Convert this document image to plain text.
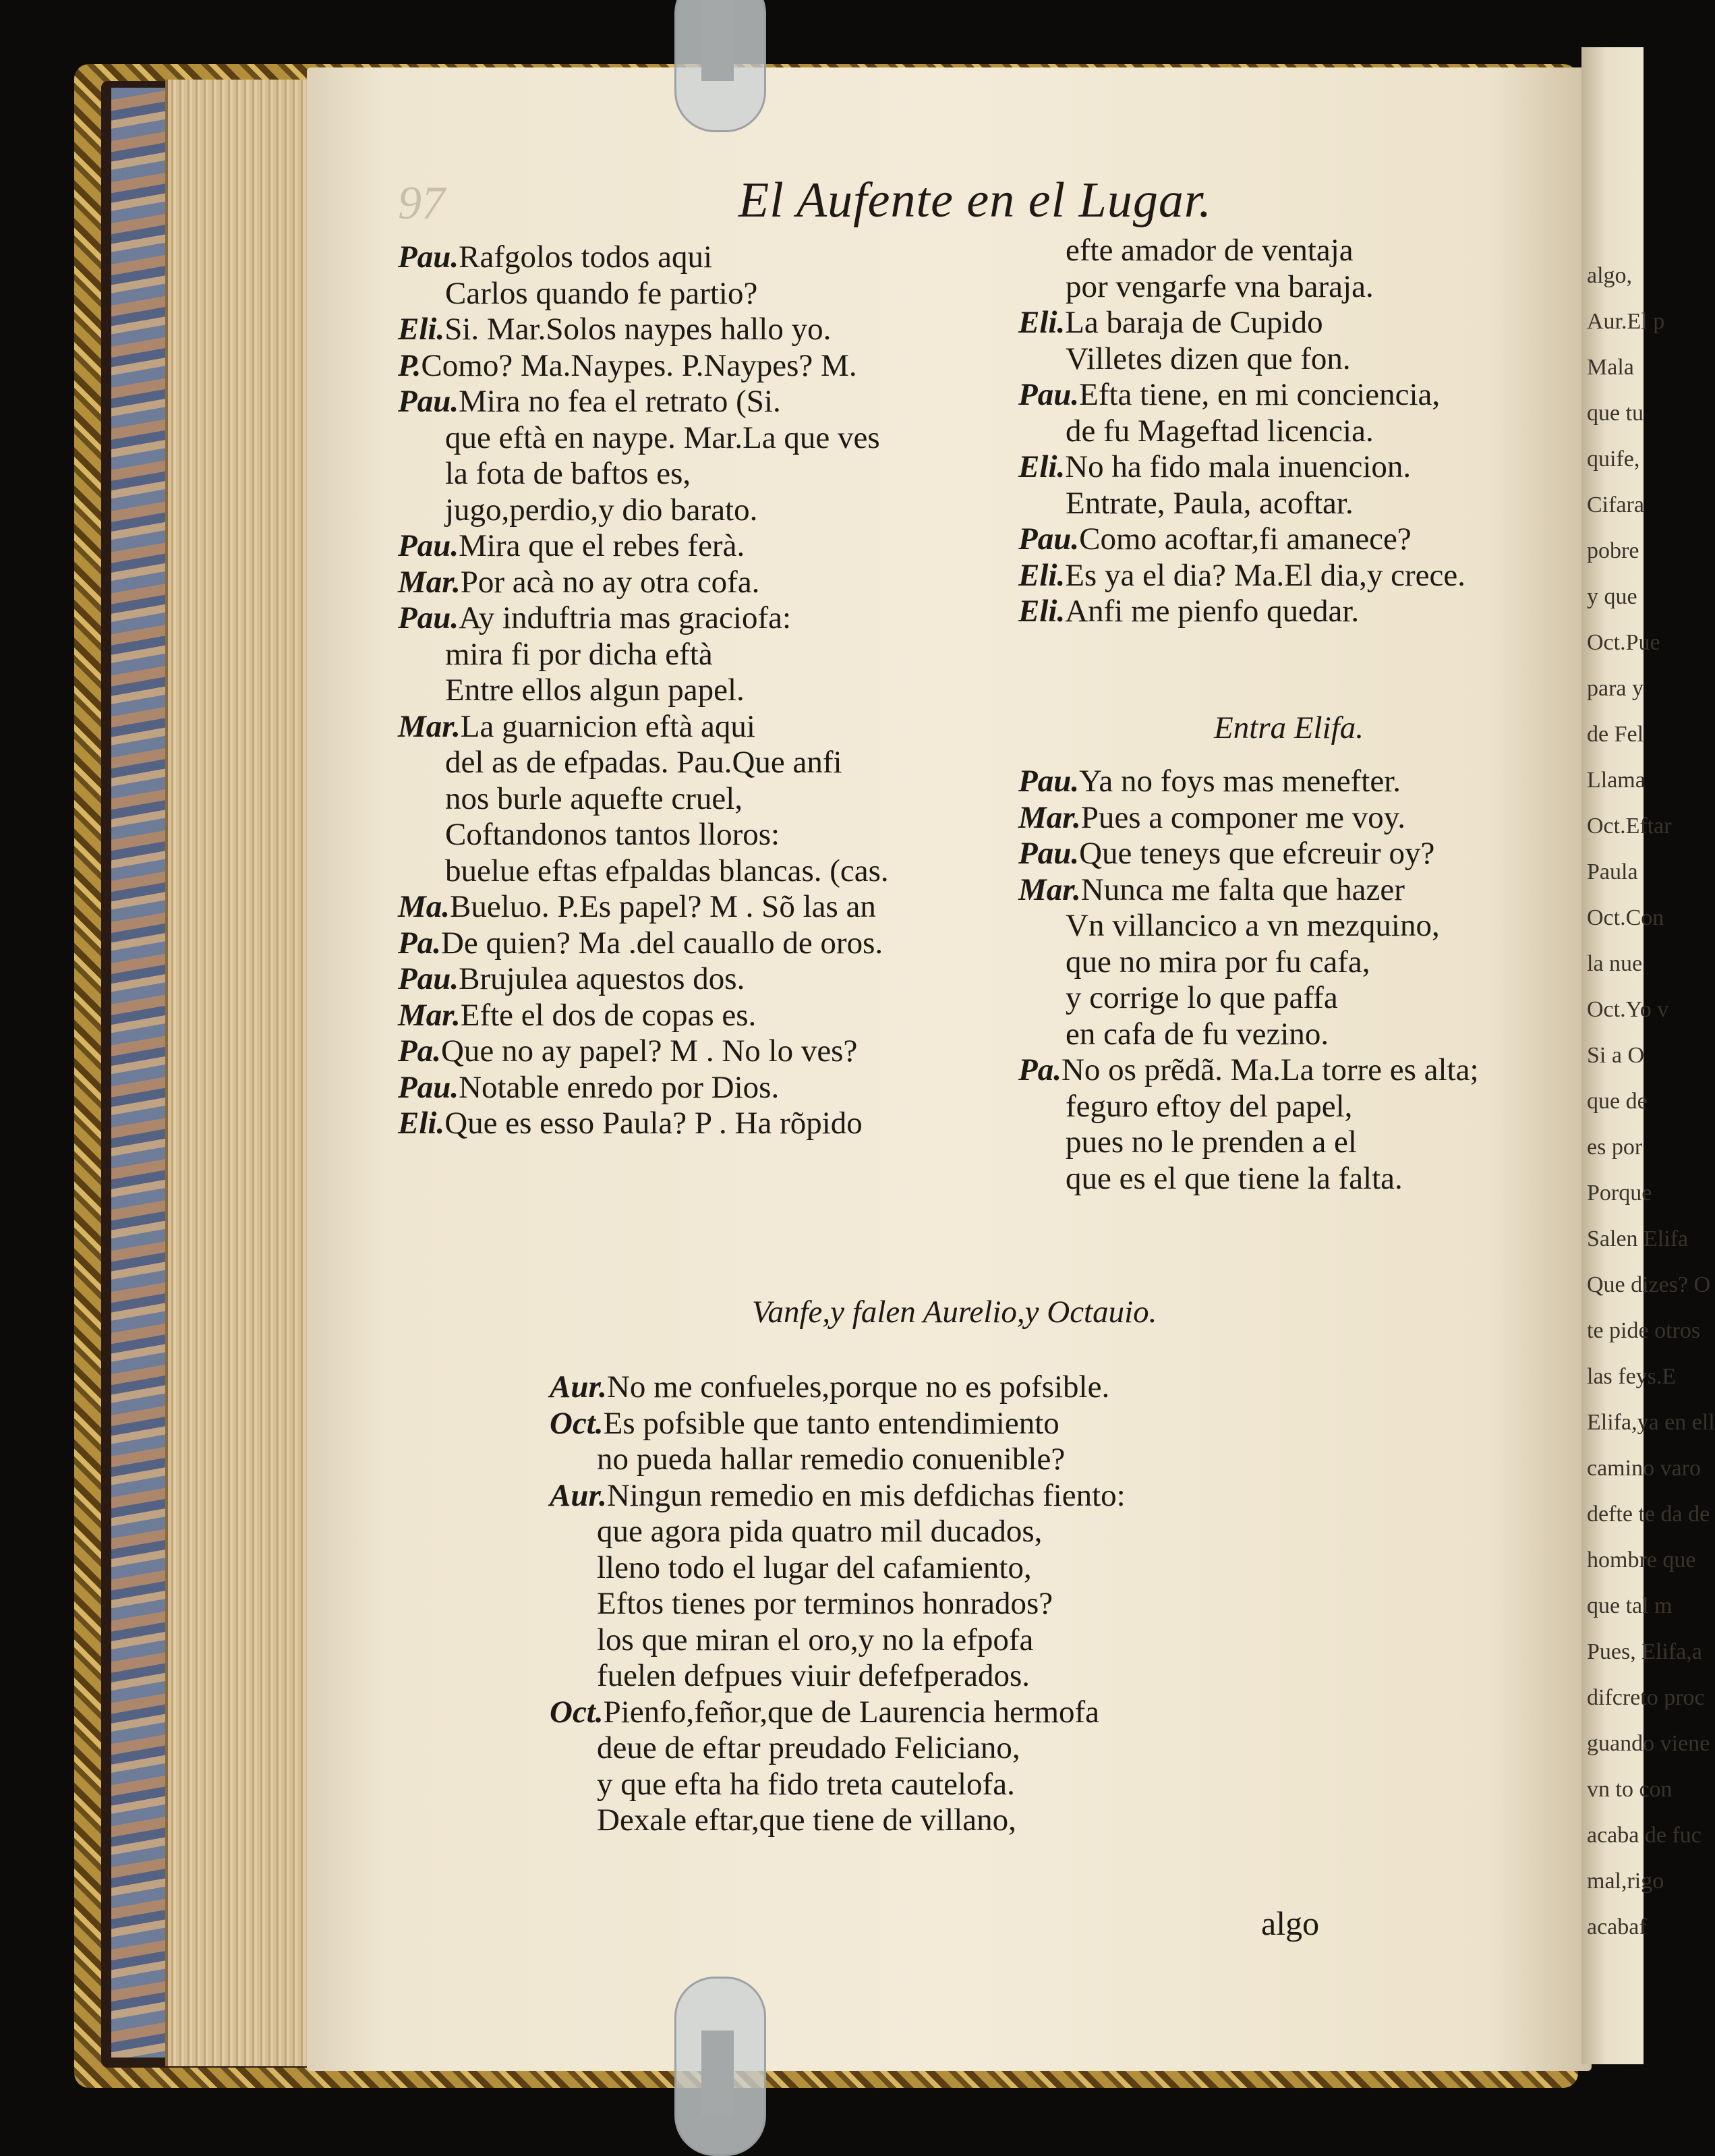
algo,
Aur.El p
Mala
que tu
quife,
Cifara
pobre
y que
Oct.Pue
para y
de Fel
Llama
Oct.Eftar
Paula
Oct.Con
la nue
Oct.Yo v
Si a O
que de
es por
Porque
Salen Elifa
Que dizes? O
te pide otros
las feys.E
Elifa,ya en ell
camino varo
defte te da de
hombre que
que tal m
Pues, Elifa,a
difcreto proc
guando viene
vn to con
acaba de fuc
mal,rigo
acabaf
97	El Aufente en el Lugar.
Pau.Rafgolos todos aqui
Carlos quando fe partio?
Eli.Si. Mar.Solos naypes hallo yo.
P.Como? Ma.Naypes. P.Naypes? M.
Pau.Mira no fea el retrato (Si.
que eftà en naype. Mar.La que ves
la fota de baftos es,
jugo,perdio,y dio barato.
Pau.Mira que el rebes ferà.
Mar.Por acà no ay otra cofa.
Pau.Ay induftria mas graciofa:
mira fi por dicha eftà
Entre ellos algun papel.
Mar.La guarnicion eftà aqui
del as de efpadas. Pau.Que anfi
nos burle aquefte cruel,
Coftandonos tantos lloros:
buelue eftas efpaldas blancas. (cas.
Ma.Bueluo. P.Es papel? M . Sõ las an
Pa.De quien? Ma .del cauallo de oros.
Pau.Brujulea aquestos dos.
Mar.Efte el dos de copas es.
Pa.Que no ay papel? M . No lo ves?
Pau.Notable enredo por Dios.
Eli.Que es esso Paula? P . Ha rõpido
efte amador de ventaja
por vengarfe vna baraja.
Eli.La baraja de Cupido
Villetes dizen que fon.
Pau.Efta tiene, en mi conciencia,
de fu Mageftad licencia.
Eli.No ha fido mala inuencion.
Entrate, Paula, acoftar.
Pau.Como acoftar,fi amanece?
Eli.Es ya el dia? Ma.El dia,y crece.
Eli.Anfi me pienfo quedar.
Entra Elifa.
Pau.Ya no foys mas menefter.
Mar.Pues a componer me voy.
Pau.Que teneys que efcreuir oy?
Mar.Nunca me falta que hazer
Vn villancico a vn mezquino,
que no mira por fu cafa,
y corrige lo que paffa
en cafa de fu vezino.
Pa.No os prẽdã. Ma.La torre es alta;
feguro eftoy del papel,
pues no le prenden a el
que es el que tiene la falta.
Vanfe,y falen Aurelio,y Octauio.
Aur.No me confueles,porque no es pofsible.
Oct.Es pofsible que tanto entendimiento
no pueda hallar remedio conuenible?
Aur.Ningun remedio en mis defdichas fiento:
que agora pida quatro mil ducados,
lleno todo el lugar del cafamiento,
Eftos tienes por terminos honrados?
los que miran el oro,y no la efpofa
fuelen defpues viuir defefperados.
Oct.Pienfo,feñor,que de Laurencia hermofa
deue de eftar preudado Feliciano,
y que efta ha fido treta cautelofa.
Dexale eftar,que tiene de villano,
algo
